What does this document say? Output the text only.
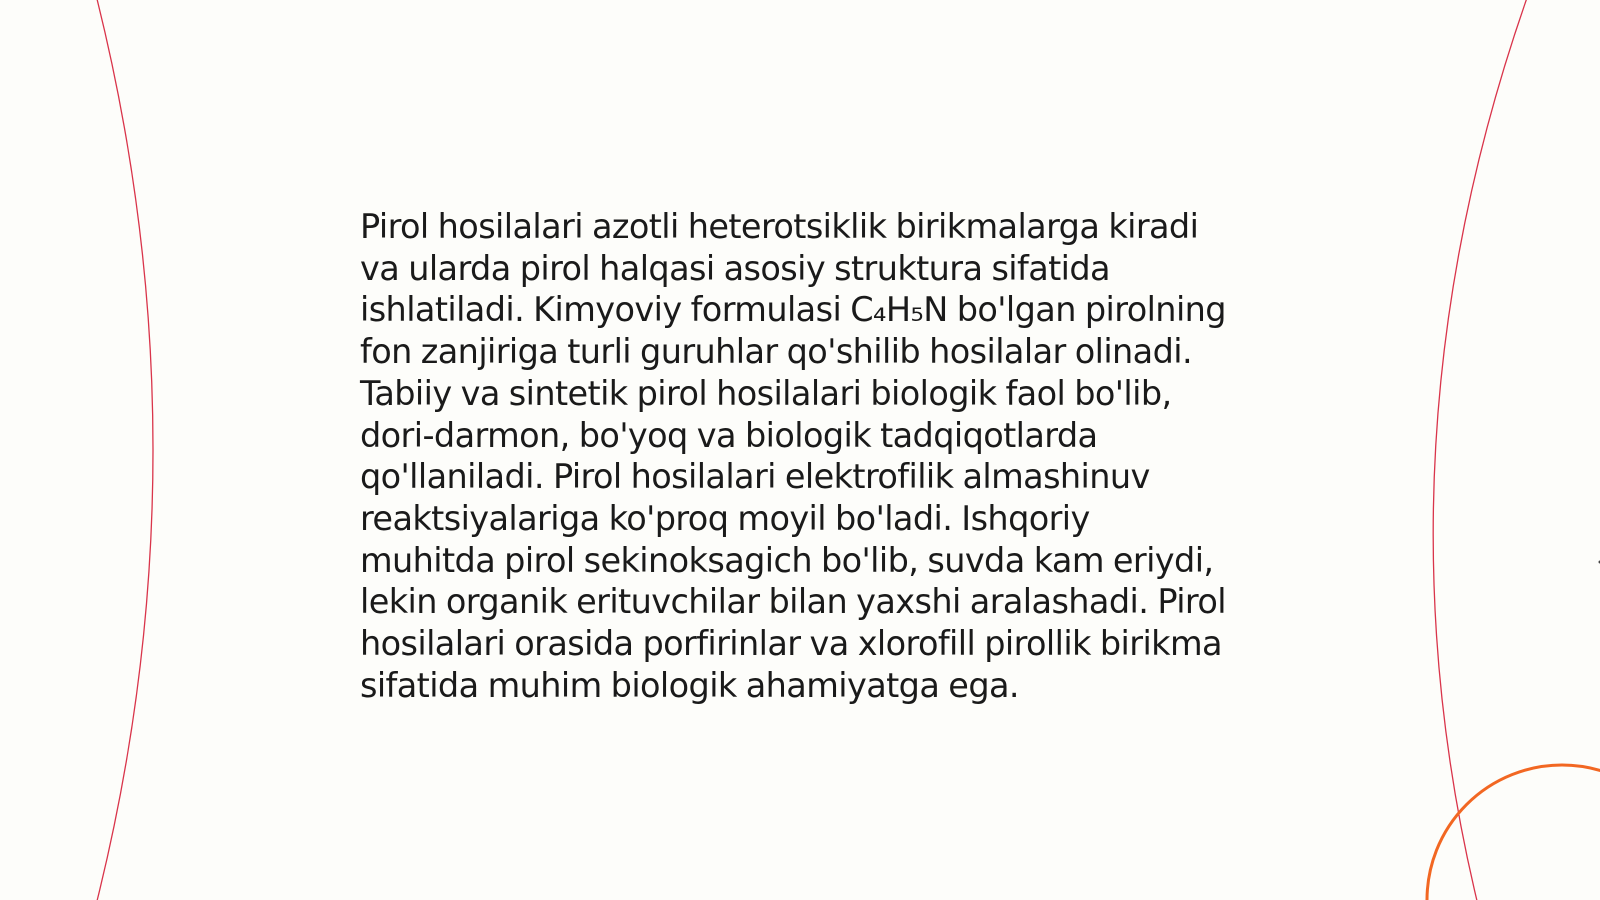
Pirol hosilalari azotli heterotsiklik birikmalarga kiradi
va ularda pirol halqasi asosiy struktura sifatida
ishlatiladi. Kimyoviy formulasi C₄H₅N bo'lgan pirolning
fon zanjiriga turli guruhlar qo'shilib hosilalar olinadi.
Tabiiy va sintetik pirol hosilalari biologik faol bo'lib,
dori-darmon, bo'yoq va biologik tadqiqotlarda
qo'llaniladi. Pirol hosilalari elektrofilik almashinuv
reaktsiyalariga ko'proq moyil bo'ladi. Ishqoriy
muhitda pirol sekinoksagich bo'lib, suvda kam eriydi,
lekin organik erituvchilar bilan yaxshi aralashadi. Pirol
hosilalari orasida porfirinlar va xlorofill pirollik birikma
sifatida muhim biologik ahamiyatga ega.
